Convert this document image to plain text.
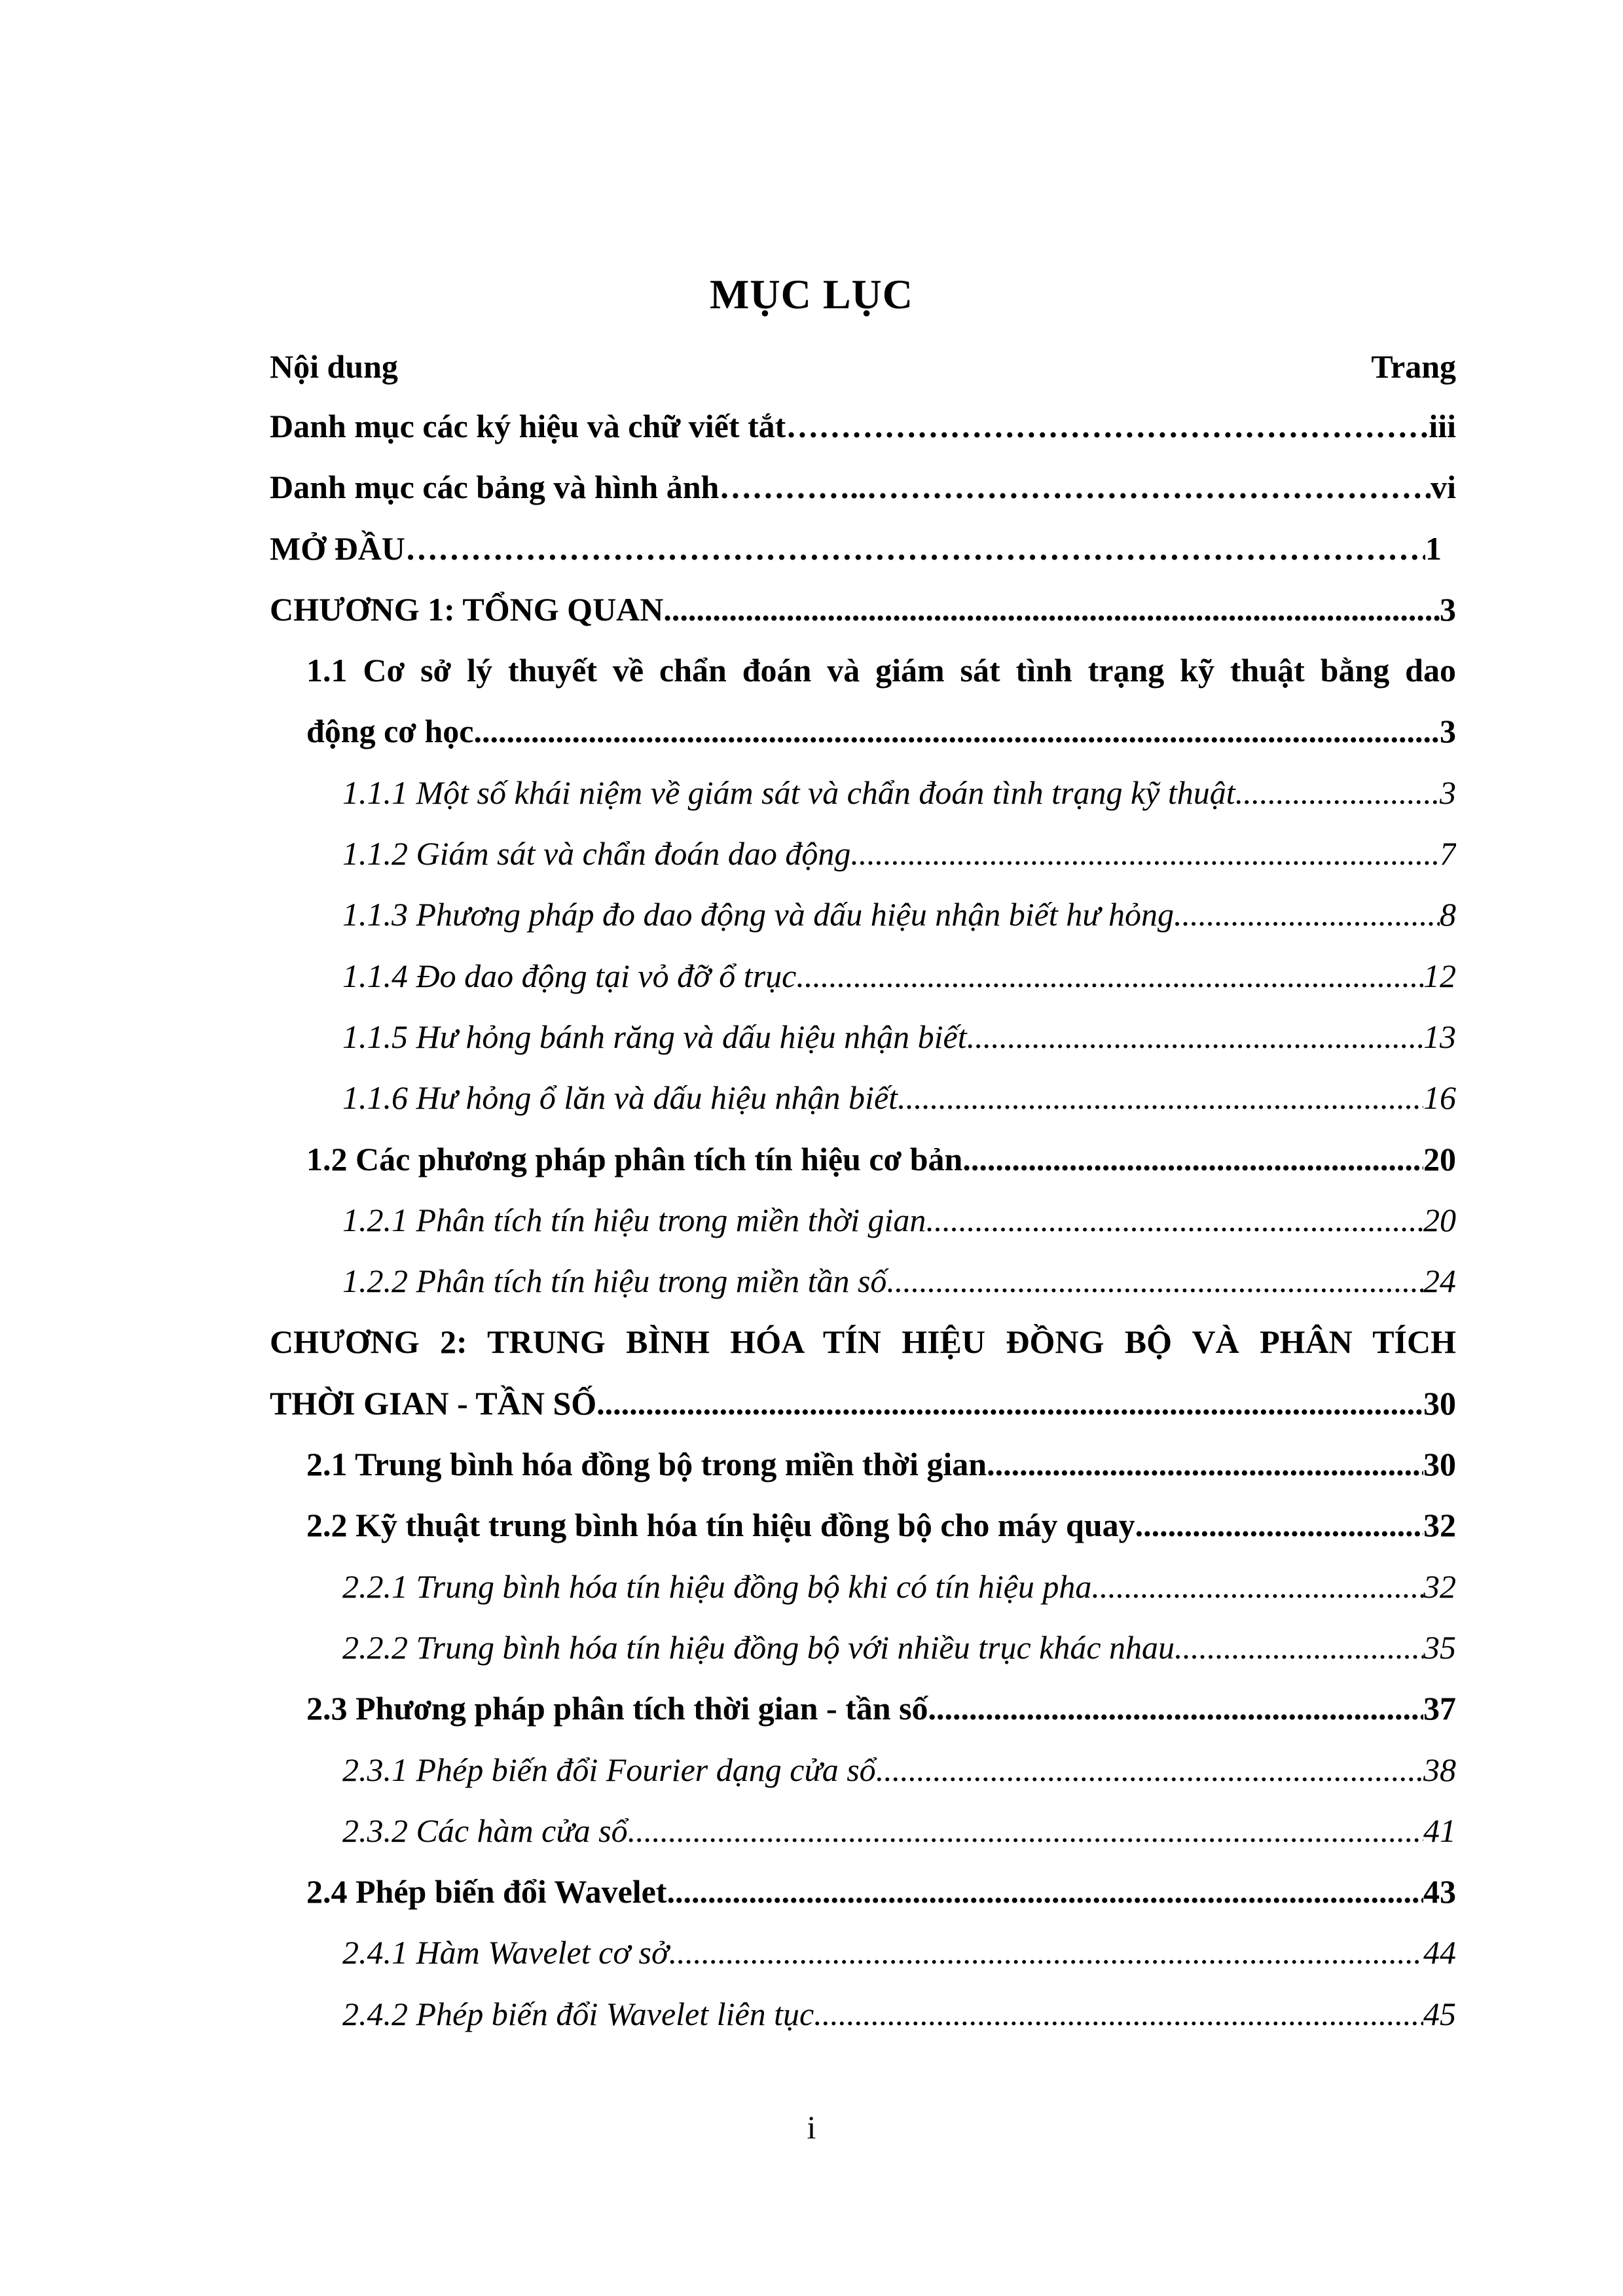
MỤC LỤC
Nội dung	Trang
Danh mục các ký hiệu và chữ viết tắt ………………………………………………………………………………………………………………………………………………………………………………………	iii
Danh mục các bảng và hình ảnh …………..…………………………………………………………………………………………………………………………………………………	vi
MỞ ĐẦU ………………………………………………………………………………………………………………………………………………………………………………………	1
CHƯƠNG 1: TỔNG QUAN .....	3
1.1 Cơ sở lý thuyết về chẩn đoán và giám sát tình trạng kỹ thuật bằng dao
động cơ học .....	3
1.1.1 Một số khái niệm về giám sát và chẩn đoán tình trạng kỹ thuật .....	3
1.1.2 Giám sát và chẩn đoán dao động .....	7
1.1.3 Phương pháp đo dao động và dấu hiệu nhận biết hư hỏng .....	8
1.1.4 Đo dao động tại vỏ đỡ ổ trục .....	12
1.1.5 Hư hỏng bánh răng và dấu hiệu nhận biết .....	13
1.1.6 Hư hỏng ổ lăn và dấu hiệu nhận biết .....	16
1.2 Các phương pháp phân tích tín hiệu cơ bản .....	20
1.2.1 Phân tích tín hiệu trong miền thời gian .....	20
1.2.2 Phân tích tín hiệu trong miền tần số .....	24
CHƯƠNG 2: TRUNG BÌNH HÓA TÍN HIỆU ĐỒNG BỘ VÀ PHÂN TÍCH
THỜI GIAN - TẦN SỐ .....	30
2.1 Trung bình hóa đồng bộ trong miền thời gian .....	30
2.2 Kỹ thuật trung bình hóa tín hiệu đồng bộ cho máy quay .....	32
2.2.1 Trung bình hóa tín hiệu đồng bộ khi có tín hiệu pha .....	32
2.2.2 Trung bình hóa tín hiệu đồng bộ với nhiều trục khác nhau .....	35
2.3 Phương pháp phân tích thời gian - tần số .....	37
2.3.1 Phép biến đổi Fourier dạng cửa sổ .....	38
2.3.2 Các hàm cửa sổ .....	41
2.4 Phép biến đổi Wavelet .....	43
2.4.1 Hàm Wavelet cơ sở .....	44
2.4.2 Phép biến đổi Wavelet liên tục .....	45
i
